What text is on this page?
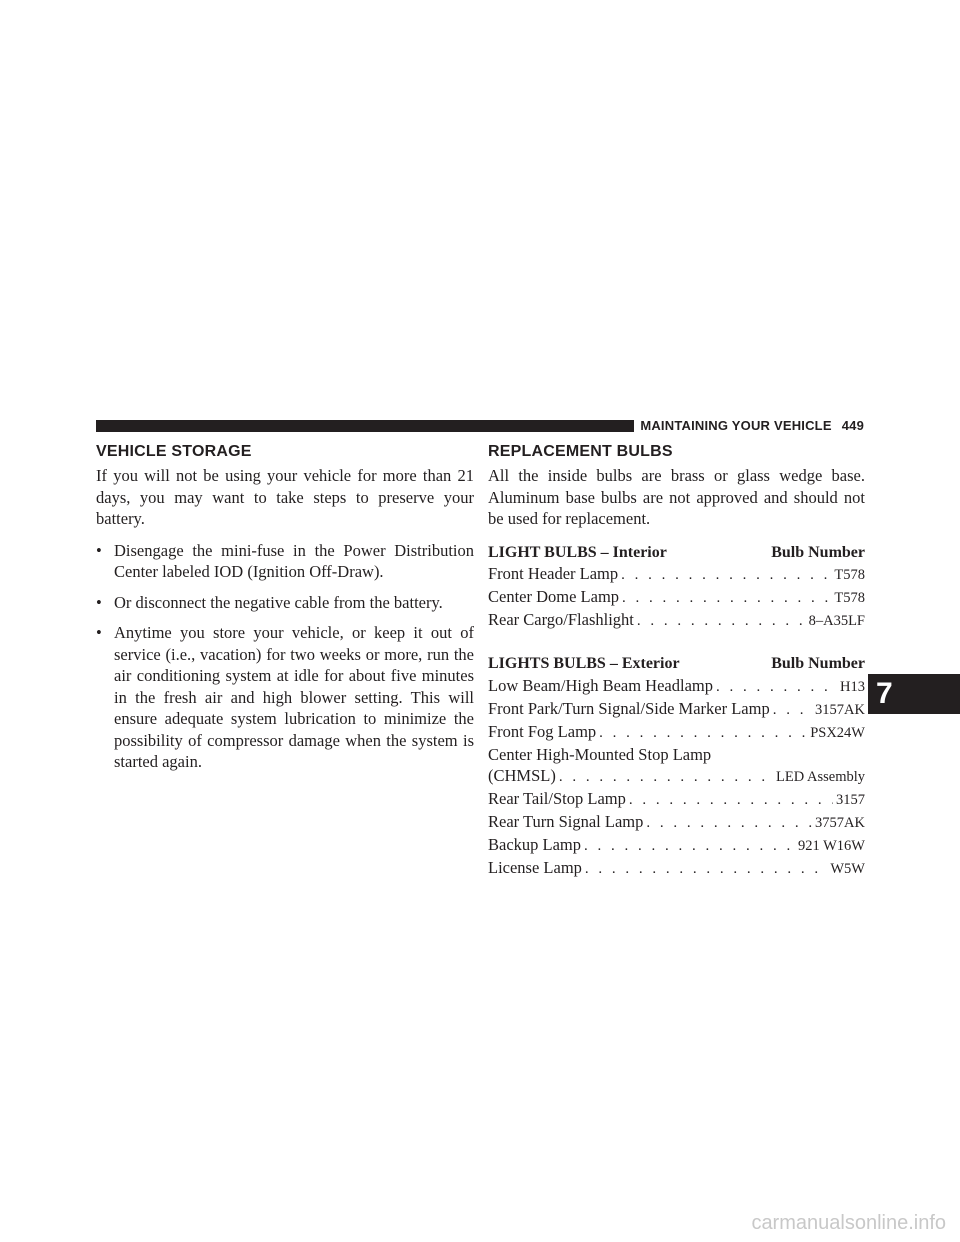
MAINTAINING YOUR VEHICLE 449
VEHICLE STORAGE

If you will not be using your vehicle for more than 21 days, you may want to take steps to preserve your battery.

• Disengage the mini-fuse in the Power Distribution Center labeled IOD (Ignition Off-Draw).
• Or disconnect the negative cable from the battery.
• Anytime you store your vehicle, or keep it out of service (i.e., vacation) for two weeks or more, run the air conditioning system at idle for about five minutes in the fresh air and high blower setting. This will ensure adequate system lubrication to minimize the possibility of compressor damage when the system is started again.
REPLACEMENT BULBS

All the inside bulbs are brass or glass wedge base. Aluminum base bulbs are not approved and should not be used for replacement.

LIGHT BULBS – Interior	Bulb Number
Front Header Lamp . . .	T578
Center Dome Lamp . . .	T578
Rear Cargo/Flashlight . . .	8–A35LF
LIGHTS BULBS – Exterior	Bulb Number
Low Beam/High Beam Headlamp . . .	H13
Front Park/Turn Signal/Side Marker Lamp . . .	3157AK
Front Fog Lamp . . .	PSX24W
Center High-Mounted Stop Lamp
(CHMSL) . . .	LED Assembly
Rear Tail/Stop Lamp . . .	3157
Rear Turn Signal Lamp . . .	3757AK
Backup Lamp . . .	921 W16W
License Lamp . . .	W5W
7
carmanualsonline.info
